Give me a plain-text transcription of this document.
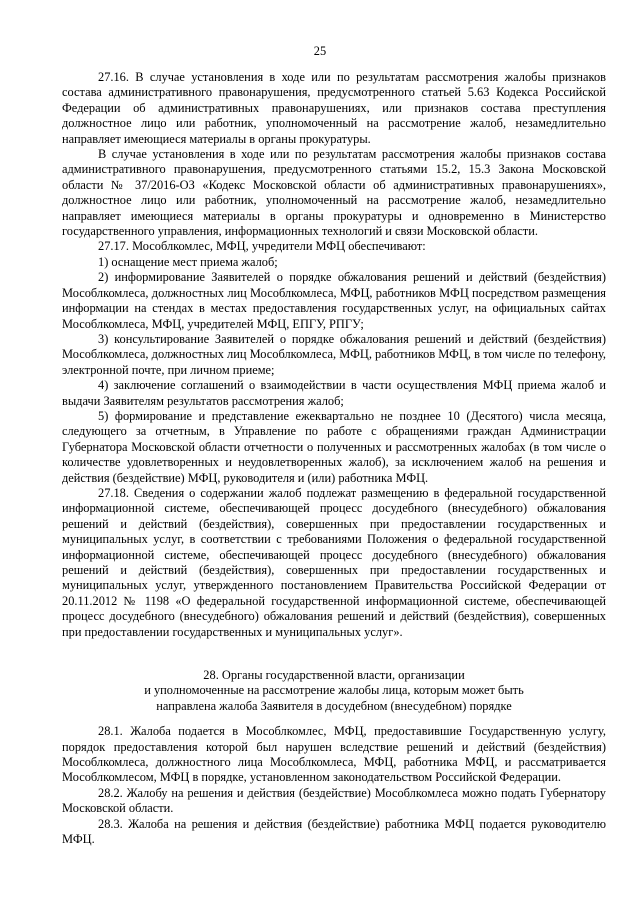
25

27.16. В случае установления в ходе или по результатам рассмотрения жалобы признаков состава административного правонарушения, предусмотренного статьей 5.63 Кодекса Российской Федерации об административных правонарушениях, или признаков состава преступления должностное лицо или работник, уполномоченный на рассмотрение жалоб, незамедлительно направляет имеющиеся материалы в органы прокуратуры.

В случае установления в ходе или по результатам рассмотрения жалобы признаков состава административного правонарушения, предусмотренного статьями 15.2, 15.3 Закона Московской области № 37/2016-ОЗ «Кодекс Московской области об административных правонарушениях», должностное лицо или работник, уполномоченный на рассмотрение жалоб, незамедлительно направляет имеющиеся материалы в органы прокуратуры и одновременно в Министерство государственного управления, информационных технологий и связи Московской области.

27.17. Мособлкомлес, МФЦ, учредители МФЦ обеспечивают:

1) оснащение мест приема жалоб;

2) информирование Заявителей о порядке обжалования решений и действий (бездействия) Мособлкомлеса, должностных лиц Мособлкомлеса, МФЦ, работников МФЦ посредством размещения информации на стендах в местах предоставления государственных услуг, на официальных сайтах Мособлкомлеса, МФЦ, учредителей МФЦ, ЕПГУ, РПГУ;

3) консультирование Заявителей о порядке обжалования решений и действий (бездействия) Мособлкомлеса, должностных лиц Мособлкомлеса, МФЦ, работников МФЦ, в том числе по телефону, электронной почте, при личном приеме;

4) заключение соглашений о взаимодействии в части осуществления МФЦ приема жалоб и выдачи Заявителям результатов рассмотрения жалоб;

5) формирование и представление ежеквартально не позднее 10 (Десятого) числа месяца, следующего за отчетным, в Управление по работе с обращениями граждан Администрации Губернатора Московской области отчетности о полученных и рассмотренных жалобах (в том числе о количестве удовлетворенных и неудовлетворенных жалоб), за исключением жалоб на решения и действия (бездействие) МФЦ, руководителя и (или) работника МФЦ.

27.18. Сведения о содержании жалоб подлежат размещению в федеральной государственной информационной системе, обеспечивающей процесс досудебного (внесудебного) обжалования решений и действий (бездействия), совершенных при предоставлении государственных и муниципальных услуг, в соответствии с требованиями Положения о федеральной государственной информационной системе, обеспечивающей процесс досудебного (внесудебного) обжалования решений и действий (бездействия), совершенных при предоставлении государственных и муниципальных услуг, утвержденного постановлением Правительства Российской Федерации от 20.11.2012 № 1198 «О федеральной государственной информационной системе, обеспечивающей процесс досудебного (внесудебного) обжалования решений и действий (бездействия), совершенных при предоставлении государственных и муниципальных услуг».

28. Органы государственной власти, организации
и уполномоченные на рассмотрение жалобы лица, которым может быть
направлена жалоба Заявителя в досудебном (внесудебном) порядке

28.1. Жалоба подается в Мособлкомлес, МФЦ, предоставившие Государственную услугу, порядок предоставления которой был нарушен вследствие решений и действий (бездействия) Мособлкомлеса, должностного лица Мособлкомлеса, МФЦ, работника МФЦ, и рассматривается Мособлкомлесом, МФЦ в порядке, установленном законодательством Российской Федерации.

28.2. Жалобу на решения и действия (бездействие) Мособлкомлеса можно подать Губернатору Московской области.

28.3. Жалоба на решения и действия (бездействие) работника МФЦ подается руководителю МФЦ.
